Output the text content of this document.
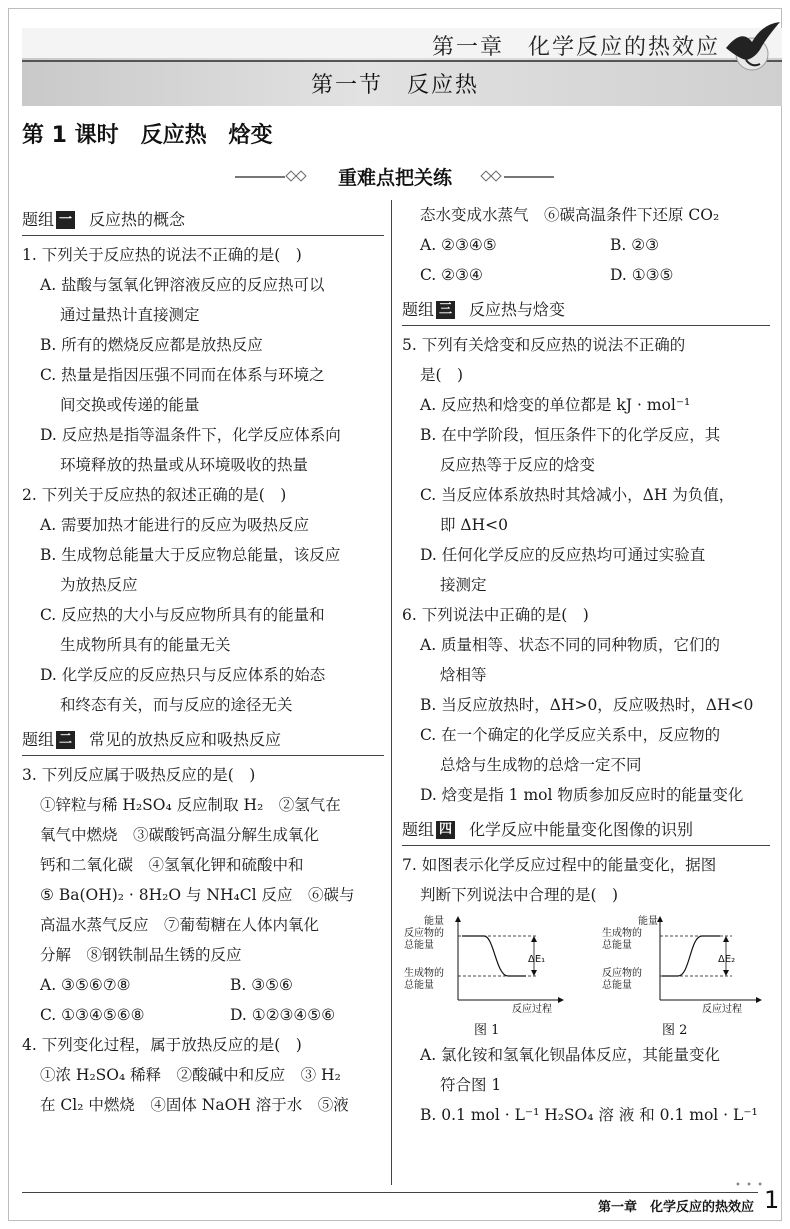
第一章　化学反应的热效应
第一节　反应热
第 1 课时　反应热　焓变
重难点把关练
题组 一 反应热的概念
1. 下列关于反应热的说法不正确的是(　)
A. 盐酸与氢氧化钾溶液反应的反应热可以
通过量热计直接测定
B. 所有的燃烧反应都是放热反应
C. 热量是指因压强不同而在体系与环境之
间交换或传递的能量
D. 反应热是指等温条件下，化学反应体系向
环境释放的热量或从环境吸收的热量
2. 下列关于反应热的叙述正确的是(　)
A. 需要加热才能进行的反应为吸热反应
B. 生成物总能量大于反应物总能量，该反应
为放热反应
C. 反应热的大小与反应物所具有的能量和
生成物所具有的能量无关
D. 化学反应的反应热只与反应体系的始态
和终态有关，而与反应的途径无关
题组 二 常见的放热反应和吸热反应
3. 下列反应属于吸热反应的是(　)
①锌粒与稀 H₂SO₄ 反应制取 H₂　②氢气在
氧气中燃烧　③碳酸钙高温分解生成氧化
钙和二氧化碳　④氢氧化钾和硫酸中和
⑤ Ba(OH)₂ · 8H₂O 与 NH₄Cl 反应　⑥碳与
高温水蒸气反应　⑦葡萄糖在人体内氧化
分解　⑧钢铁制品生锈的反应
A. ③⑤⑥⑦⑧	B. ③⑤⑥
C. ①③④⑤⑥⑧	D. ①②③④⑤⑥
4. 下列变化过程，属于放热反应的是(　)
①浓 H₂SO₄ 稀释　②酸碱中和反应　③ H₂
在 Cl₂ 中燃烧　④固体 NaOH 溶于水　⑤液
态水变成水蒸气　⑥碳高温条件下还原 CO₂
A. ②③④⑤	B. ②③
C. ②③④	D. ①③⑤
题组 三 反应热与焓变
5. 下列有关焓变和反应热的说法不正确的
是(　)
A. 反应热和焓变的单位都是 kJ · mol⁻¹
B. 在中学阶段，恒压条件下的化学反应，其
反应热等于反应的焓变
C. 当反应体系放热时其焓减小，ΔH 为负值，
即 ΔH<0
D. 任何化学反应的反应热均可通过实验直
接测定
6. 下列说法中正确的是(　)
A. 质量相等、状态不同的同种物质，它们的
焓相等
B. 当反应放热时，ΔH>0，反应吸热时，ΔH<0
C. 在一个确定的化学反应关系中，反应物的
总焓与生成物的总焓一定不同
D. 焓变是指 1 mol 物质参加反应时的能量变化
题组 四 化学反应中能量变化图像的识别
7. 如图表示化学反应过程中的能量变化，据图
判断下列说法中合理的是(　)
能量
反应物的
总能量
生成物的
总能量
反应过程
ΔE₁
图 1
能量
生成物的
总能量
反应物的
总能量
反应过程
ΔE₂
图 2
A. 氯化铵和氢氧化钡晶体反应，其能量变化
符合图 1
B. 0.1 mol · L⁻¹ H₂SO₄ 溶 液 和 0.1 mol · L⁻¹
• • •
第一章　化学反应的热效应 1
